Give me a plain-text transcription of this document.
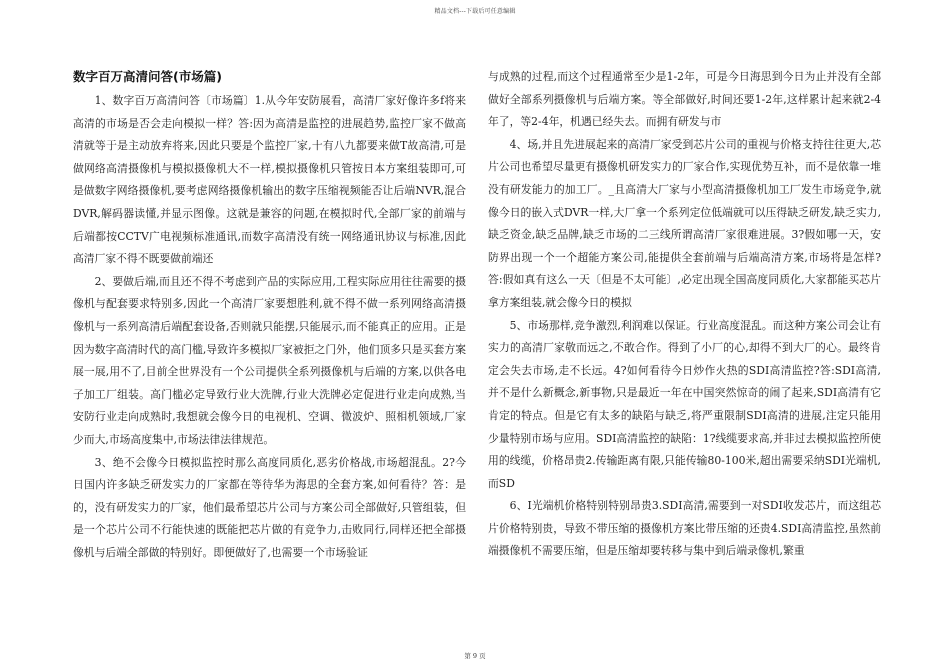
精品文档---下载后可任意编辑
数字百万高清问答(市场篇)

1、数字百万高清问答〔市场篇〕1.从今年安防展看，高清厂家好像许多f将来高清的市场是否会走向模拟一样？答:因为高清是监控的进展趋势,监控厂家不做高清就等于是主动放弃将来,因此只要是个监控厂家,十有八九都要来做T故高清,可是做网络高清摄像机与模拟摄像机大不一样,模拟摄像机只管按日本方案组装即可,可是做数字网络摄像机,要考虑网络摄像机输出的数字压缩视频能否让后端NVR,混合DVR,解码器读懂,并显示图像。这就是兼容的问题,在模拟时代,全部厂家的前端与后端都按CCTV广电视频标准通讯,而数字高清没有统一网络通讯协议与标准,因此高清厂家不得不既要做前端还

2、要做后端,而且还不得不考虑到产品的实际应用,工程实际应用往往需要的摄像机与配套要求特别多,因此一个高清厂家要想胜利,就不得不做一系列网络高清摄像机与一系列高清后端配套设备,否则就只能摆,只能展示,而不能真正的应用。正是因为数字高清时代的高门槛,导致许多模拟厂家被拒之门外，他们顶多只是买套方案展一展,用不了,目前全世界没有一个公司提供全系列摄像机与后端的方案,以供各电子加工厂组装。高门槛必定导致行业大洗牌,行业大洗牌必定促进行业走向成熟,当安防行业走向成熟时,我想就会像今日的电视机、空调、微波炉、照相机领域,厂家少而大,市场高度集中,市场法律法律规范。

3、绝不会像今日模拟监控时那么高度同质化,恶劣价格战,市场超混乱。2?今日国内许多缺乏研发实力的厂家都在等待华为海思的全套方案,如何看待？答：是的，没有研发实力的厂家，他们最希望芯片公司与方案公司全部做好,只管组装，但是一个芯片公司不行能快速的既能把芯片做的有竞争力,击败同行,同样还把全部摄像机与后端全部做的特别好。即便做好了,也需要一个市场验证

与成熟的过程,而这个过程通常至少是1-2年，可是今日海思到今日为止并没有全部做好全部系列摄像机与后端方案。等全部做好,时间还要1-2年,这样累计起来就2-4年了，等2-4年，机遇已经失去。而拥有研发与市

4、场,并且先进展起来的高清厂家受到芯片公司的重视与价格支持往往更大,芯片公司也希望尽量更有摄像机研发实力的厂家合作,实现优势互补，而不是依靠一堆没有研发能力的加工厂。_且高清大厂家与小型高清摄像机加工厂发生市场竞争,就像今日的嵌入式DVR一样,大厂拿一个系列定位低端就可以压得缺乏研发,缺乏实力,缺乏资金,缺乏品牌,缺乏市场的二三线所谓高清厂家很难进展。3?假如哪一天，安防界出现一个一个超能方案公司,能提供全套前端与后端高清方案,市场将是怎样?答:假如真有这么一天〔但是不太可能〕,必定出现全国高度同质化,大家都能买芯片拿方案组装,就会像今日的模拟

5、市场那样,竞争激烈,利润难以保证。行业高度混乱。而这种方案公司会让有实力的高清厂家敬而远之,不敢合作。得到了小厂的心,却得不到大厂的心。最终肯定会失去市场,走不长远。4?如何看待今日炒作火热的SDI高清监控?答:SDI高清,并不是什么新概念,新事物,只是最近一年在中国突然惊奇的闹了起来,SDI高清有它肯定的特点。但是它有太多的缺陷与缺乏,将严重限制SDI高清的进展,注定只能用少量特别市场与应用。SDI高清监控的缺陷：1?线缆要求高,并非过去模拟监控所使用的线缆，价格昂贵2.传输距离有限,只能传输80-100米,超出需要采纳SDI光端机,而SD

6、I光端机价格特别特别昂贵3.SDI高清,需要到一对SDI收发芯片，而这组芯片价格特别贵，导致不带压缩的摄像机方案比带压缩的还贵4.SDI高清监控,虽然前端摄像机不需要压缩，但是压缩却要转移与集中到后端录像机,繁重

第 9 页
